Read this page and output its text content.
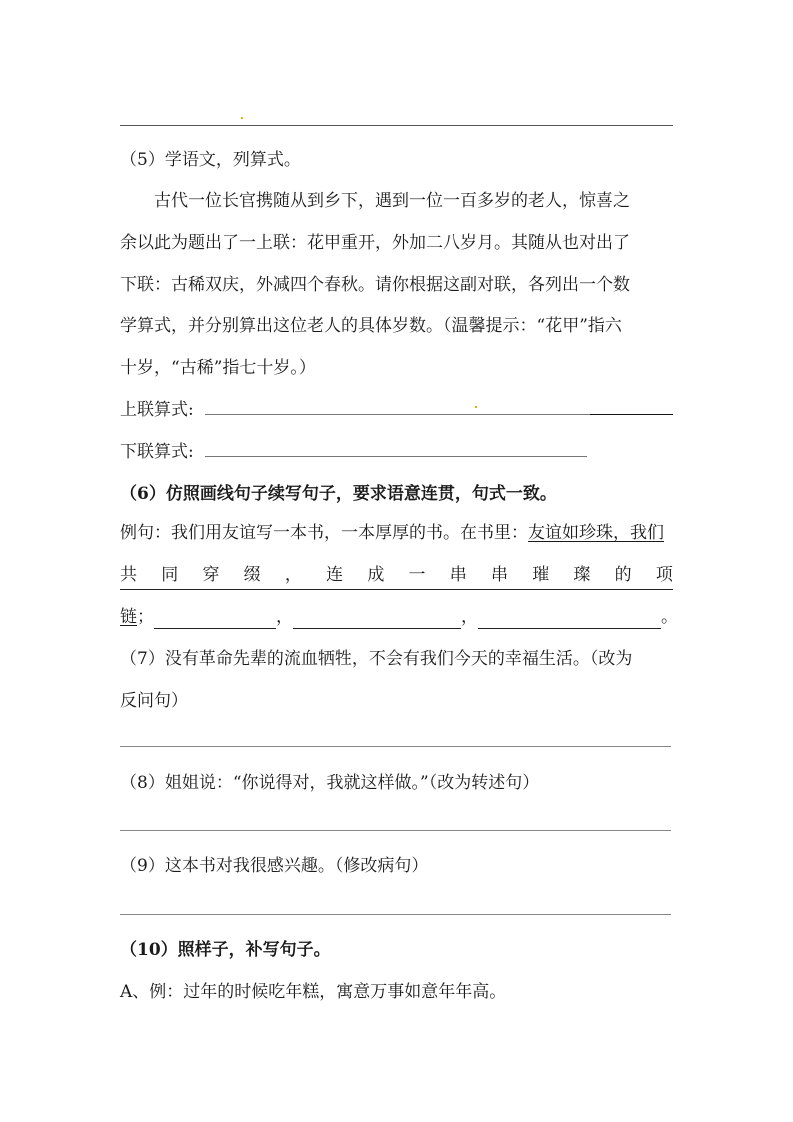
（5）学语文，列算式。
古代一位长官携随从到乡下，遇到一位一百多岁的老人，惊喜之
余以此为题出了一上联：花甲重开，外加二八岁月。其随从也对出了
下联：古稀双庆，外减四个春秋。请你根据这副对联，各列出一个数
学算式，并分别算出这位老人的具体岁数。（温馨提示：“花甲”指六
十岁，“古稀”指七十岁。）
上联算式:
下联算式:
（6）仿照画线句子续写句子，要求语意连贯，句式一致。
例句：我们用友谊写一本书，一本厚厚的书。在书里：友谊如珍珠，我们
共 同 穿 缀 ， 连 成 一 串 串 璀 璨 的 项
链；	，	，	。
（7）没有革命先辈的流血牺牲，不会有我们今天的幸福生活。（改为
反问句）
（8）姐姐说：“你说得对，我就这样做。”（改为转述句）
（9）这本书对我很感兴趣。（修改病句）
（10）照样子，补写句子。
A、例：过年的时候吃年糕，寓意万事如意年年高。
